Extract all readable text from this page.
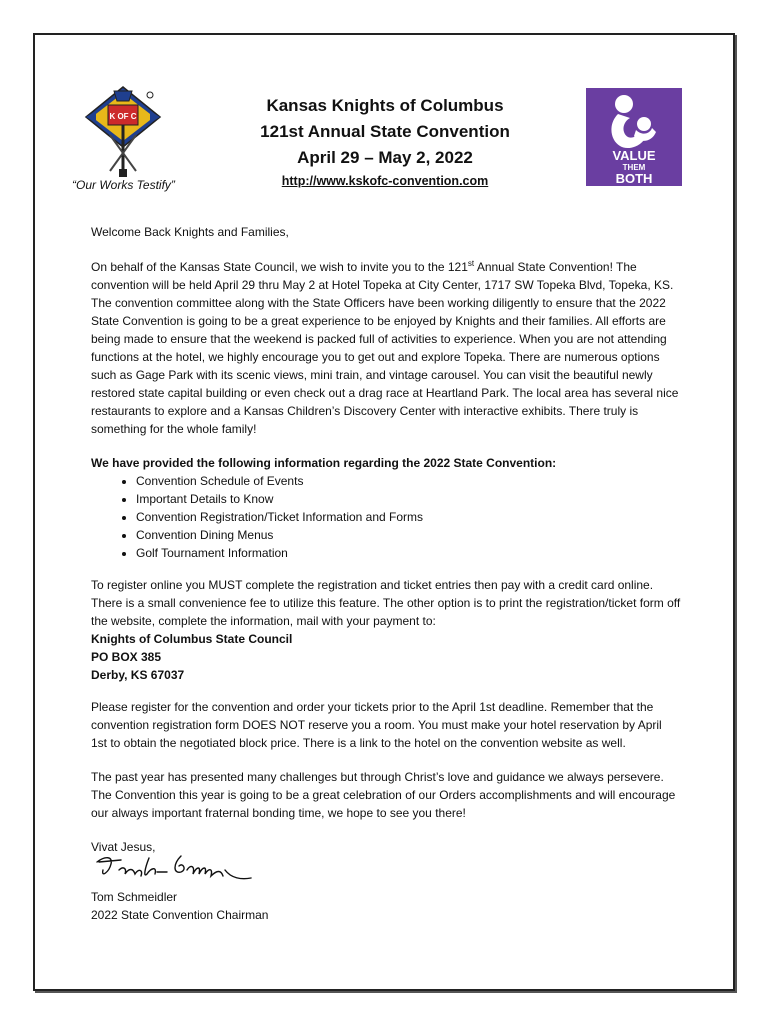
K OF C
“Our Works Testify”
Kansas Knights of Columbus
121st Annual State Convention
April 29 – May 2, 2022
http://www.kskofc-convention.com
VALUE
THEM
BOTH

Welcome Back Knights and Families,

On behalf of the Kansas State Council, we wish to invite you to the 121st Annual State Convention! The convention will be held April 29 thru May 2 at Hotel Topeka at City Center, 1717 SW Topeka Blvd, Topeka, KS. The convention committee along with the State Officers have been working diligently to ensure that the 2022 State Convention is going to be a great experience to be enjoyed by Knights and their families. All efforts are being made to ensure that the weekend is packed full of activities to experience. When you are not attending functions at the hotel, we highly encourage you to get out and explore Topeka. There are numerous options such as Gage Park with its scenic views, mini train, and vintage carousel. You can visit the beautiful newly restored state capital building or even check out a drag race at Heartland Park. The local area has several nice restaurants to explore and a Kansas Children’s Discovery Center with interactive exhibits. There truly is something for the whole family!

We have provided the following information regarding the 2022 State Convention:

• Convention Schedule of Events
• Important Details to Know
• Convention Registration/Ticket Information and Forms
• Convention Dining Menus
• Golf Tournament Information

To register online you MUST complete the registration and ticket entries then pay with a credit card online. There is a small convenience fee to utilize this feature. The other option is to print the registration/ticket form off the website, complete the information, mail with your payment to:

Knights of Columbus State Council
PO BOX 385
Derby, KS 67037

Please register for the convention and order your tickets prior to the April 1st deadline. Remember that the convention registration form DOES NOT reserve you a room. You must make your hotel reservation by April 1st to obtain the negotiated block price. There is a link to the hotel on the convention website as well.

The past year has presented many challenges but through Christ’s love and guidance we always persevere. The Convention this year is going to be a great celebration of our Orders accomplishments and will encourage our always important fraternal bonding time, we hope to see you there!

Vivat Jesus,
Tom Schmeidler
2022 State Convention Chairman
